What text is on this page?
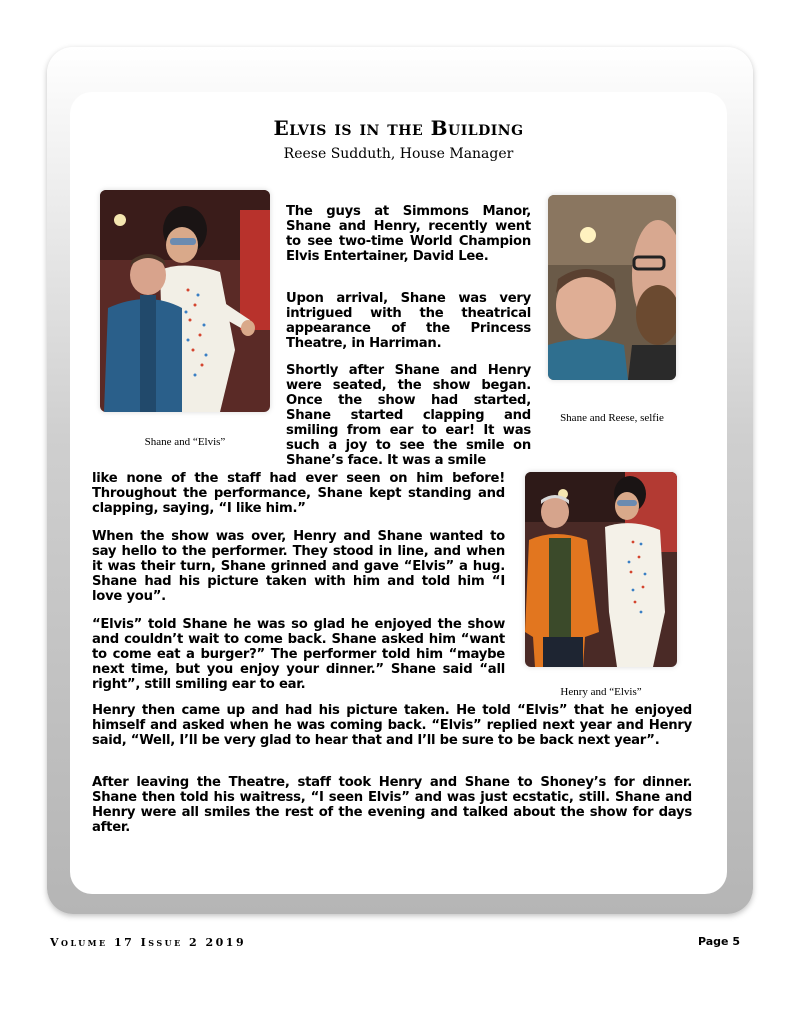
Elvis is in the Building
Reese Sudduth, House Manager
Shane and “Elvis”
Shane and Reese, selfie
Henry and “Elvis”

The guys at Simmons Manor, Shane and Henry, recently went to see two-time World Champion Elvis Entertainer, David Lee.

Upon arrival, Shane was very intrigued with the theatrical appearance of the Princess Theatre, in Harriman.

Shortly after Shane and Henry were seated, the show began. Once the show had started, Shane started clapping and smiling from ear to ear! It was such a joy to see the smile on Shane’s face. It was a smile

like none of the staff had ever seen on him before! Throughout the performance, Shane kept standing and clapping, saying, “I like him.”

When the show was over, Henry and Shane wanted to say hello to the performer. They stood in line, and when it was their turn, Shane grinned and gave “Elvis” a hug. Shane had his picture taken with him and told him “I love you”.

“Elvis” told Shane he was so glad he enjoyed the show and couldn’t wait to come back. Shane asked him “want to come eat a burger?” The performer told him “maybe next time, but you enjoy your dinner.” Shane said “all right”, still smiling ear to ear.

Henry then came up and had his picture taken. He told “Elvis” that he enjoyed himself and asked when he was coming back. “Elvis” replied next year and Henry said, “Well, I’ll be very glad to hear that and I’ll be sure to be back next year”.

After leaving the Theatre, staff took Henry and Shane to Shoney’s for dinner. Shane then told his waitress, “I seen Elvis” and was just ecstatic, still. Shane and Henry were all smiles the rest of the evening and talked about the show for days after.

Volume 17 Issue 2 2019	Page 5
